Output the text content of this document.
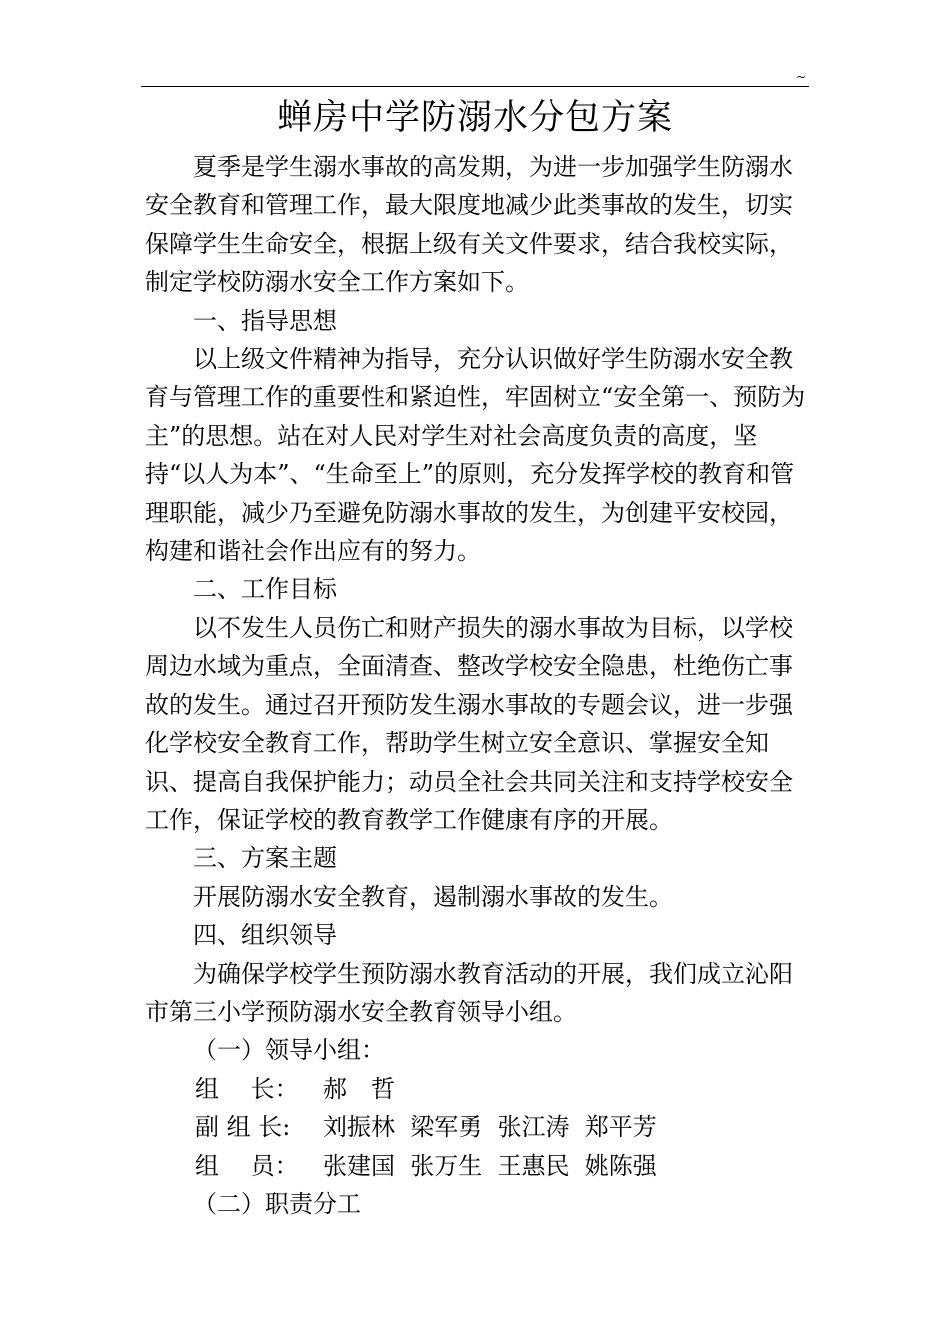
~
蝉房中学防溺水分包方案

夏季是学生溺水事故的高发期，为进一步加强学生防溺水安全教育和管理工作，最大限度地减少此类事故的发生，切实保障学生生命安全，根据上级有关文件要求，结合我校实际，制定学校防溺水安全工作方案如下。

一、指导思想

以上级文件精神为指导，充分认识做好学生防溺水安全教育与管理工作的重要性和紧迫性，牢固树立“安全第一、预防为主”的思想。站在对人民对学生对社会高度负责的高度，坚持“以人为本”、“生命至上”的原则，充分发挥学校的教育和管理职能，减少乃至避免防溺水事故的发生，为创建平安校园，构建和谐社会作出应有的努力。

二、工作目标

以不发生人员伤亡和财产损失的溺水事故为目标，以学校周边水域为重点，全面清查、整改学校安全隐患，杜绝伤亡事故的发生。通过召开预防发生溺水事故的专题会议，进一步强化学校安全教育工作，帮助学生树立安全意识、掌握安全知识、提高自我保护能力；动员全社会共同关注和支持学校安全工作，保证学校的教育教学工作健康有序的开展。

三、方案主题

开展防溺水安全教育，遏制溺水事故的发生。

四、组织领导

为确保学校学生预防溺水教育活动的开展，我们成立沁阳市第三小学预防溺水安全教育领导小组。

（一）领导小组：

组　 长：	郝　哲
副 组 长:	刘振林  梁军勇  张江涛  郑平芳
组　 员：	张建国  张万生  王惠民  姚陈强

（二）职责分工
